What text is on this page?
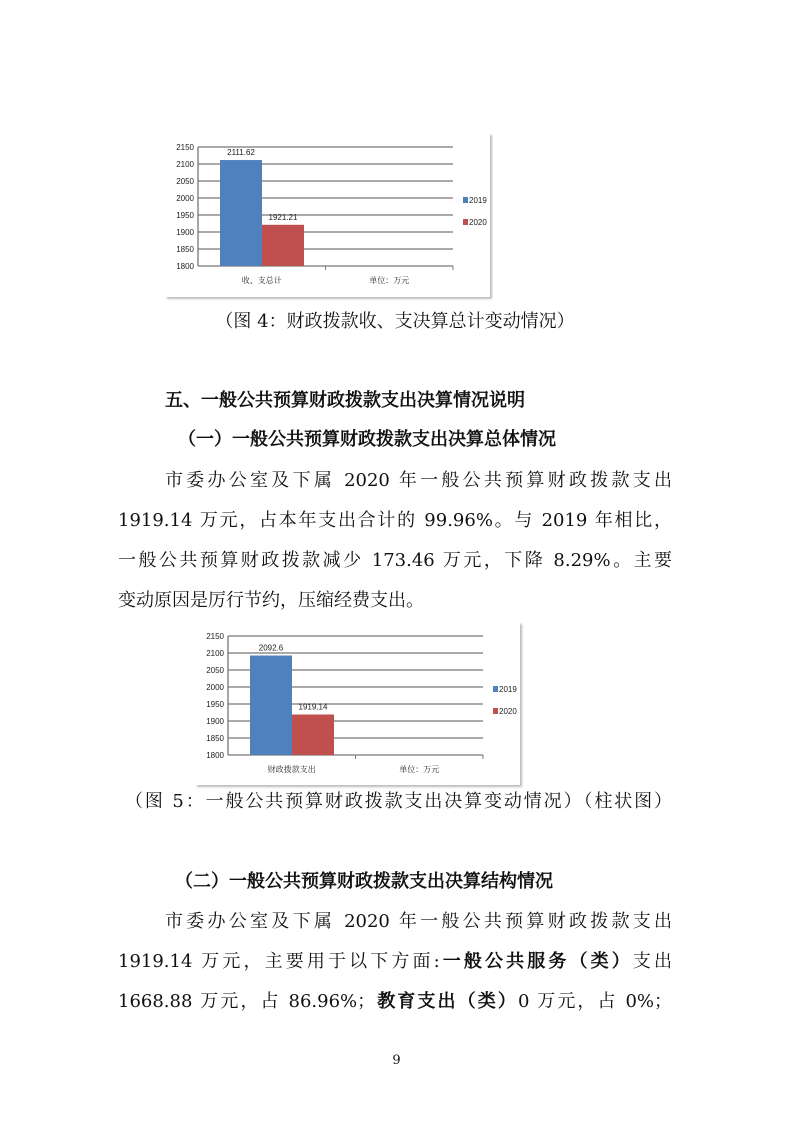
2150
2100
2050
2000
1950
1900
1850
1800
收、支总计	单位：万元
2111.62
2019
1921.21
2020
（图 4：财政拨款收、支决算总计变动情况）
五、一般公共预算财政拨款支出决算情况说明
（一）一般公共预算财政拨款支出决算总体情况
市委办公室及下属 2020 年一般公共预算财政拨款支出
1919.14 万元，占本年支出合计的 99.96%。与 2019 年相比，
一般公共预算财政拨款减少 173.46 万元，下降 8.29%。主要
变动原因是厉行节约，压缩经费支出。
2150
2100
2050
2000
1950
1900
1850
1800
财政拨款支出	单位：万元
2092.6
2019
1919.14
2020
（图 5：一般公共预算财政拨款支出决算变动情况）（柱状图）
（二）一般公共预算财政拨款支出决算结构情况
市委办公室及下属 2020 年一般公共预算财政拨款支出
1919.14 万元，主要用于以下方面:一般公共服务（类）支出
1668.88 万元，占 86.96%；教育支出（类）0 万元，占 0%；
9
